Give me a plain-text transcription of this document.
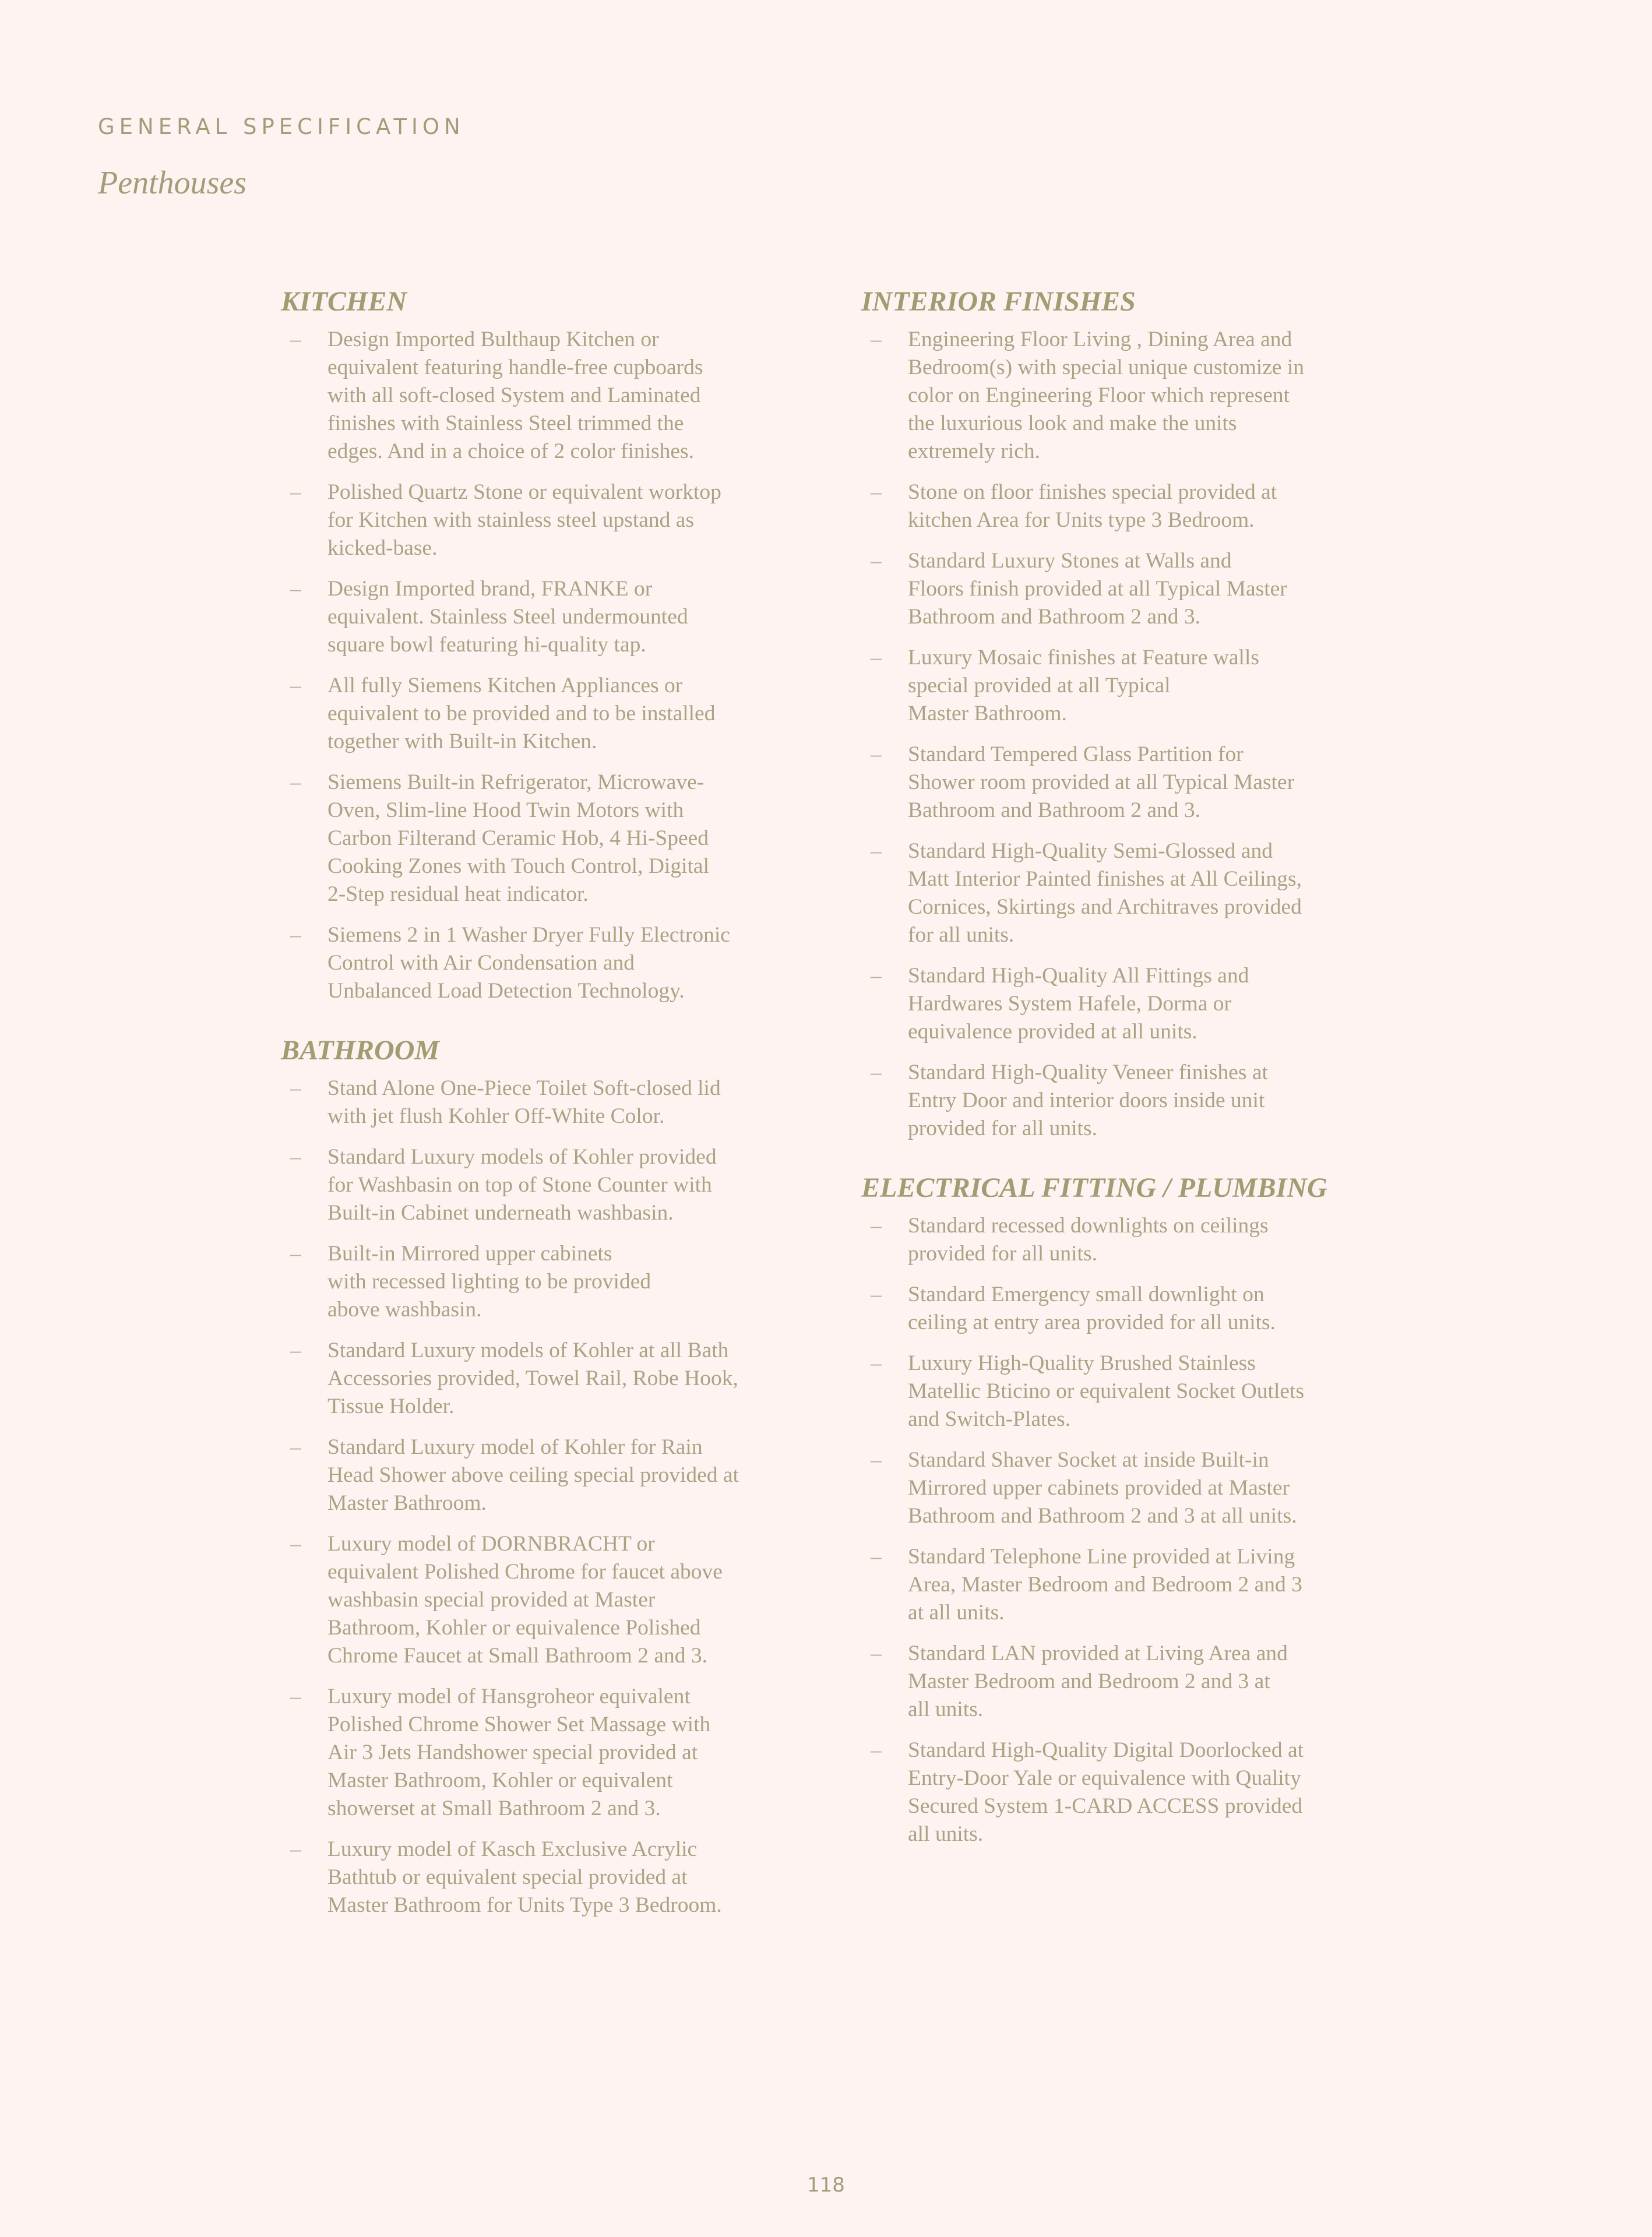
GENERAL SPECIFICATION
Penthouses
KITCHEN
– Design Imported Bulthaup Kitchen or
equivalent featuring handle-free cupboards
with all soft-closed System and Laminated
finishes with Stainless Steel trimmed the
edges. And in a choice of 2 color finishes.
– Polished Quartz Stone or equivalent worktop
for Kitchen with stainless steel upstand as
kicked-base.
– Design Imported brand, FRANKE or
equivalent. Stainless Steel undermounted
square bowl featuring hi-quality tap.
– All fully Siemens Kitchen Appliances or
equivalent to be provided and to be installed
together with Built-in Kitchen.
– Siemens Built-in Refrigerator, Microwave-
Oven, Slim-line Hood Twin Motors with
Carbon Filterand Ceramic Hob, 4 Hi-Speed
Cooking Zones with Touch Control, Digital
2-Step residual heat indicator.
– Siemens 2 in 1 Washer Dryer Fully Electronic
Control with Air Condensation and
Unbalanced Load Detection Technology.
BATHROOM
– Stand Alone One-Piece Toilet Soft-closed lid
with jet flush Kohler Off-White Color.
– Standard Luxury models of Kohler provided
for Washbasin on top of Stone Counter with
Built-in Cabinet underneath washbasin.
– Built-in Mirrored upper cabinets
with recessed lighting to be provided
above washbasin.
– Standard Luxury models of Kohler at all Bath
Accessories provided, Towel Rail, Robe Hook,
Tissue Holder.
– Standard Luxury model of Kohler for Rain
Head Shower above ceiling special provided at
Master Bathroom.
– Luxury model of DORNBRACHT or
equivalent Polished Chrome for faucet above
washbasin special provided at Master
Bathroom, Kohler or equivalence Polished
Chrome Faucet at Small Bathroom 2 and 3.
– Luxury model of Hansgroheor equivalent
Polished Chrome Shower Set Massage with
Air 3 Jets Handshower special provided at
Master Bathroom, Kohler or equivalent
showerset at Small Bathroom 2 and 3.
– Luxury model of Kasch Exclusive Acrylic
Bathtub or equivalent special provided at
Master Bathroom for Units Type 3 Bedroom.
INTERIOR FINISHES
– Engineering Floor Living , Dining Area and
Bedroom(s) with special unique customize in
color on Engineering Floor which represent
the luxurious look and make the units
extremely rich.
– Stone on floor finishes special provided at
kitchen Area for Units type 3 Bedroom.
– Standard Luxury Stones at Walls and
Floors finish provided at all Typical Master
Bathroom and Bathroom 2 and 3.
– Luxury Mosaic finishes at Feature walls
special provided at all Typical
Master Bathroom.
– Standard Tempered Glass Partition for
Shower room provided at all Typical Master
Bathroom and Bathroom 2 and 3.
– Standard High-Quality Semi-Glossed and
Matt Interior Painted finishes at All Ceilings,
Cornices, Skirtings and Architraves provided
for all units.
– Standard High-Quality All Fittings and
Hardwares System Hafele, Dorma or
equivalence provided at all units.
– Standard High-Quality Veneer finishes at
Entry Door and interior doors inside unit
provided for all units.
ELECTRICAL FITTING / PLUMBING
– Standard recessed downlights on ceilings
provided for all units.
– Standard Emergency small downlight on
ceiling at entry area provided for all units.
– Luxury High-Quality Brushed Stainless
Matellic Bticino or equivalent Socket Outlets
and Switch-Plates.
– Standard Shaver Socket at inside Built-in
Mirrored upper cabinets provided at Master
Bathroom and Bathroom 2 and 3 at all units.
– Standard Telephone Line provided at Living
Area, Master Bedroom and Bedroom 2 and 3
at all units.
– Standard LAN provided at Living Area and
Master Bedroom and Bedroom 2 and 3 at
all units.
– Standard High-Quality Digital Doorlocked at
Entry-Door Yale or equivalence with Quality
Secured System 1-CARD ACCESS provided
all units.
118
